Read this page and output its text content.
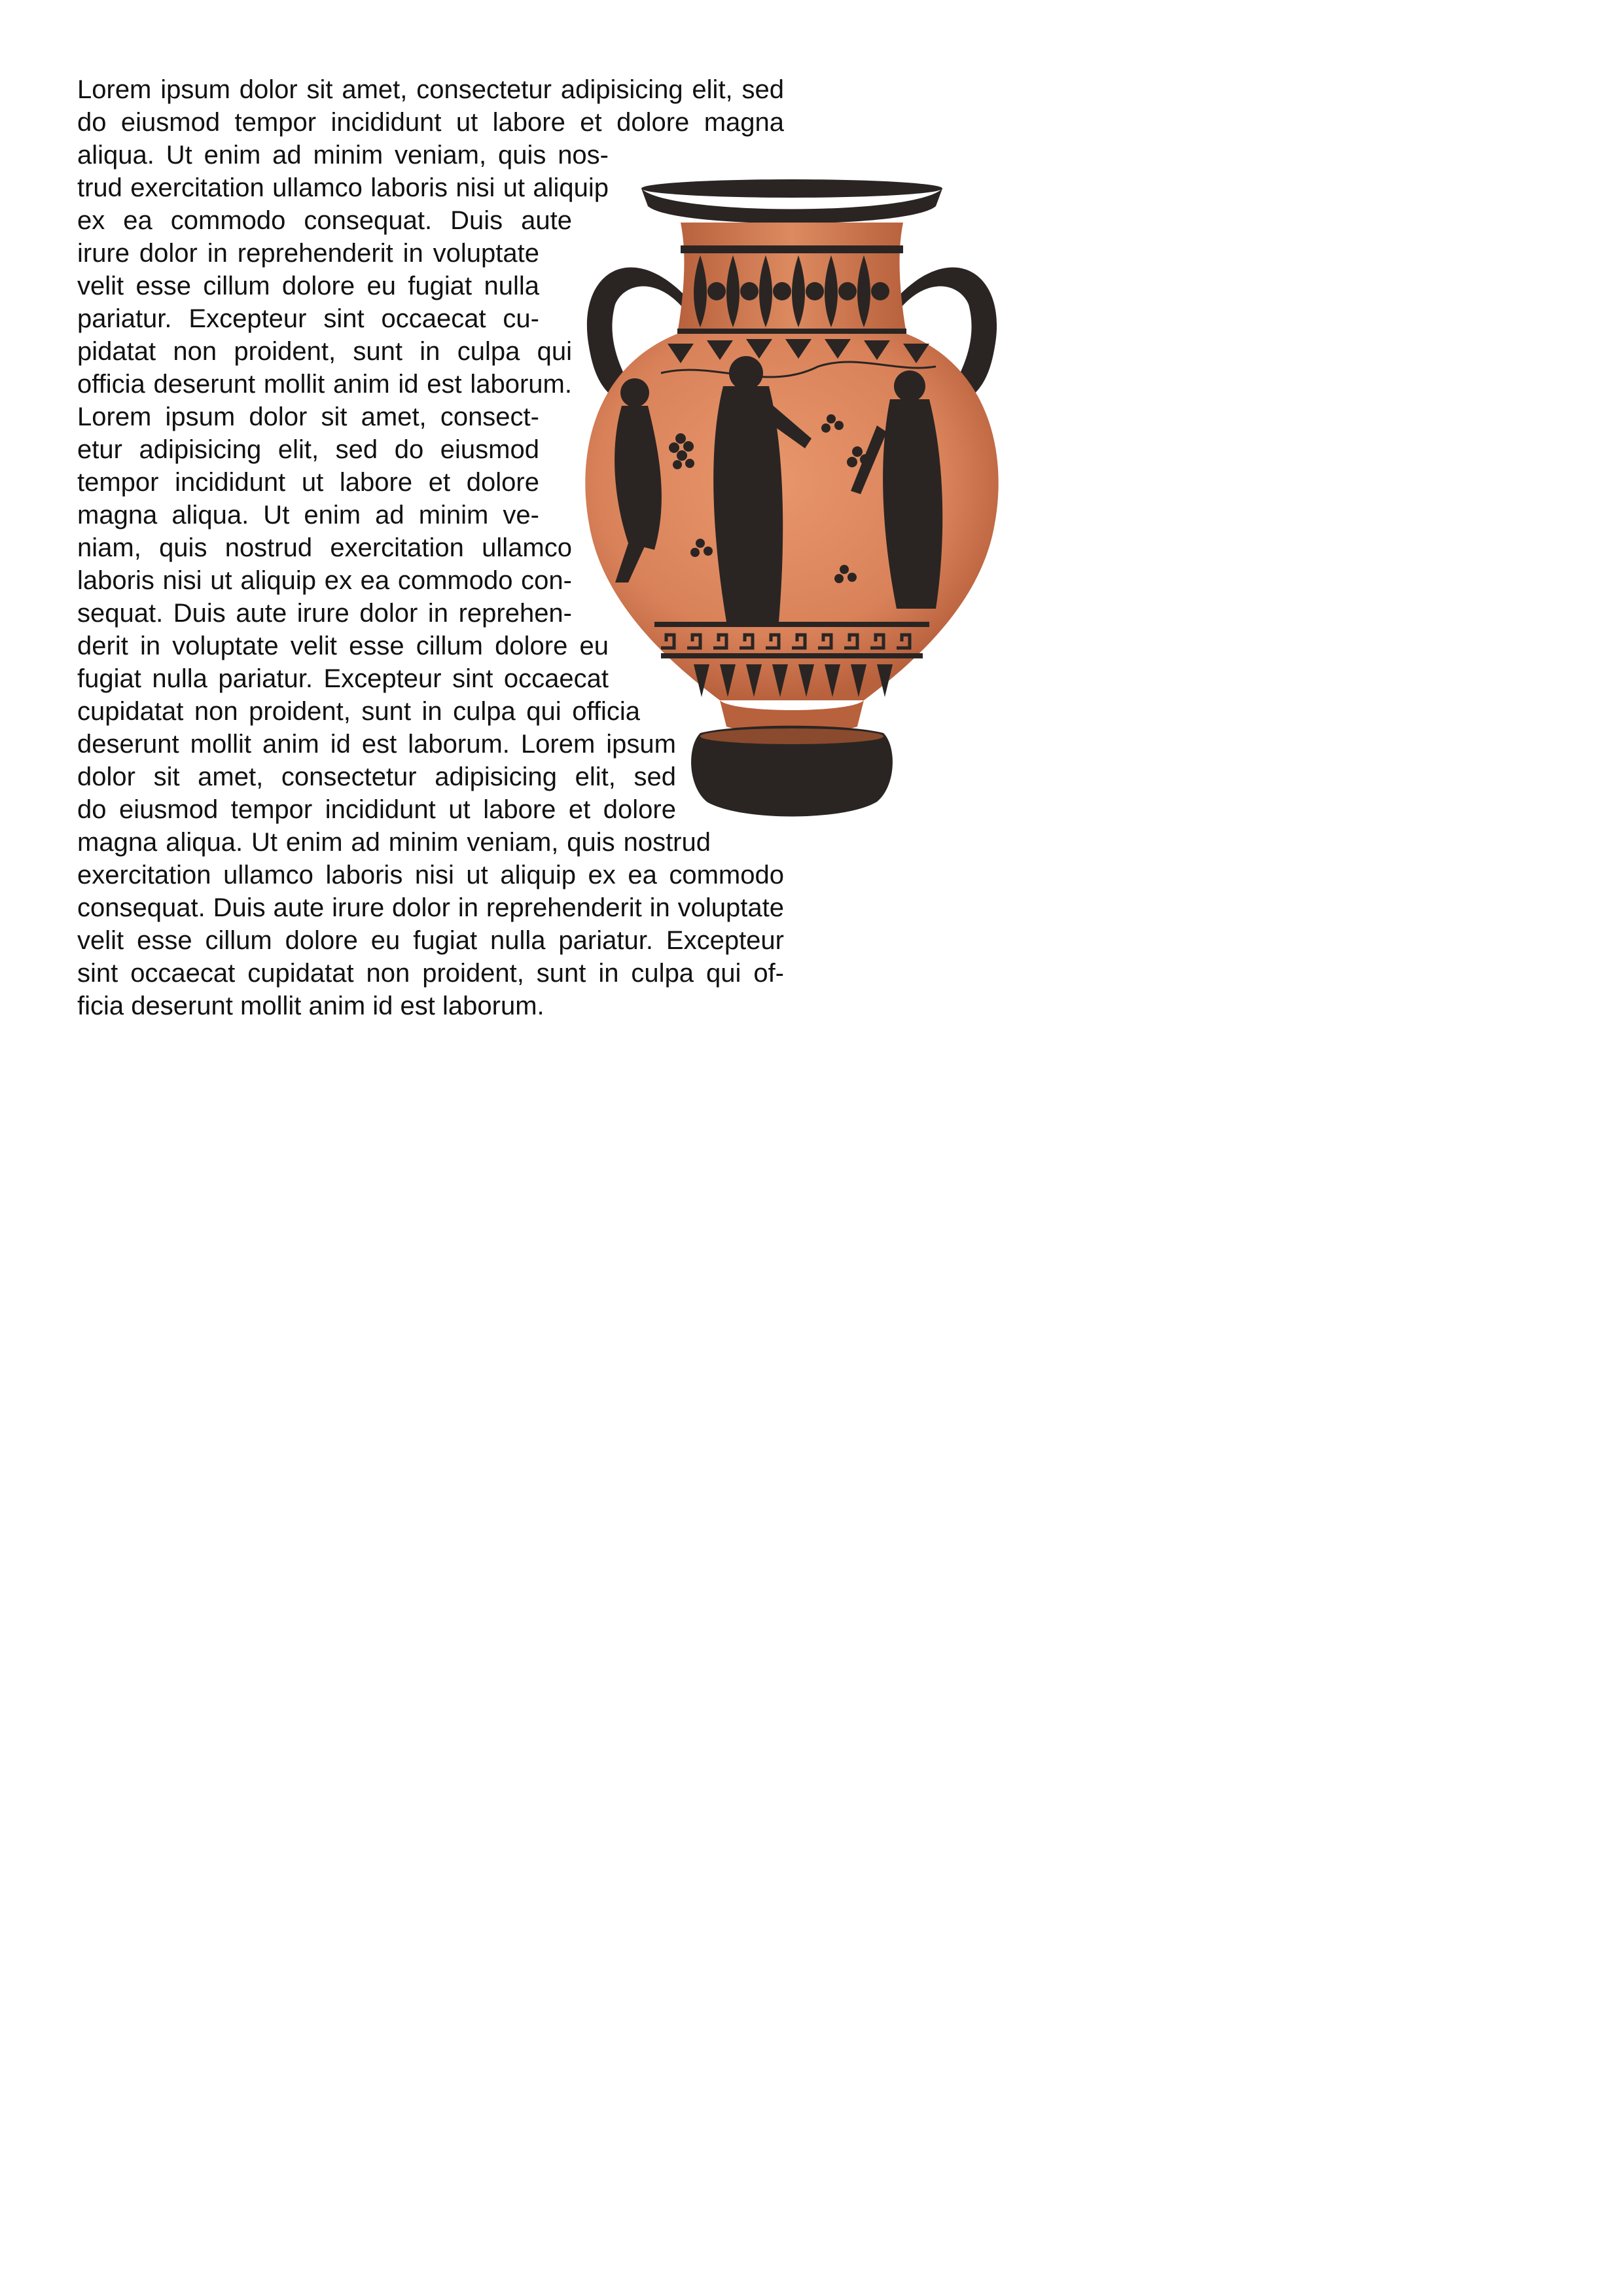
Lorem ipsum dolor sit amet, consectetur adipisicing elit, sed
do eiusmod tempor incididunt ut labore et dolore magna
aliqua. Ut enim ad minim veniam, quis nos-
trud exercitation ullamco laboris nisi ut aliquip
ex ea commodo consequat. Duis aute
irure dolor in reprehenderit in voluptate
velit esse cillum dolore eu fugiat nulla
pariatur. Excepteur sint occaecat cu-
pidatat non proident, sunt in culpa qui
officia deserunt mollit anim id est laborum.
Lorem ipsum dolor sit amet, consect-
etur adipisicing elit, sed do eiusmod
tempor incididunt ut labore et dolore
magna aliqua. Ut enim ad minim ve-
niam, quis nostrud exercitation ullamco
laboris nisi ut aliquip ex ea commodo con-
sequat. Duis aute irure dolor in reprehen-
derit in voluptate velit esse cillum dolore eu
fugiat nulla pariatur. Excepteur sint occaecat
cupidatat non proident, sunt in culpa qui officia
deserunt mollit anim id est laborum. Lorem ipsum
dolor sit amet, consectetur adipisicing elit, sed
do eiusmod tempor incididunt ut labore et dolore
magna aliqua. Ut enim ad minim veniam, quis nostrud
exercitation ullamco laboris nisi ut aliquip ex ea commodo
consequat. Duis aute irure dolor in reprehenderit in voluptate
velit esse cillum dolore eu fugiat nulla pariatur. Excepteur
sint occaecat cupidatat non proident, sunt in culpa qui of-
ficia deserunt mollit anim id est laborum.
